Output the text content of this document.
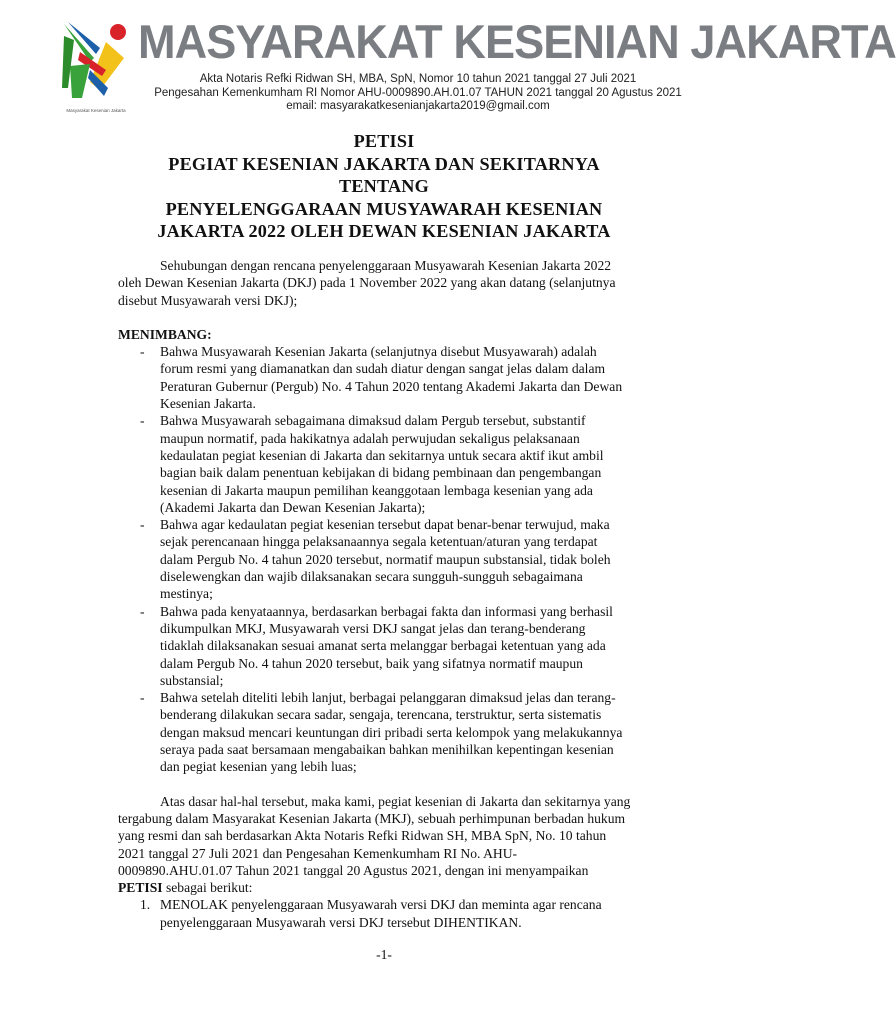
Masyarakat Kesenian Jakarta
MASYARAKAT KESENIAN JAKARTA
Akta Notaris Refki Ridwan SH, MBA, SpN, Nomor 10 tahun 2021 tanggal 27 Juli 2021
Pengesahan Kemenkumham RI Nomor AHU-0009890.AH.01.07 TAHUN 2021 tanggal 20 Agustus 2021
email: masyarakatkesenianjakarta2019@gmail.com
PETISI
PEGIAT KESENIAN JAKARTA DAN SEKITARNYA
TENTANG
PENYELENGGARAAN MUSYAWARAH KESENIAN
JAKARTA 2022 OLEH DEWAN KESENIAN JAKARTA
Sehubungan dengan rencana penyelenggaraan Musyawarah Kesenian Jakarta 2022
oleh Dewan Kesenian Jakarta (DKJ) pada 1 November 2022 yang akan datang (selanjutnya
disebut Musyawarah versi DKJ);
MENIMBANG:
- Bahwa Musyawarah Kesenian Jakarta (selanjutnya disebut Musyawarah) adalah
forum resmi yang diamanatkan dan sudah diatur dengan sangat jelas dalam dalam
Peraturan Gubernur (Pergub) No. 4 Tahun 2020 tentang Akademi Jakarta dan Dewan
Kesenian Jakarta.
- Bahwa Musyawarah sebagaimana dimaksud dalam Pergub tersebut, substantif
maupun normatif, pada hakikatnya adalah perwujudan sekaligus pelaksanaan
kedaulatan pegiat kesenian di Jakarta dan sekitarnya untuk secara aktif ikut ambil
bagian baik dalam penentuan kebijakan di bidang pembinaan dan pengembangan
kesenian di Jakarta maupun pemilihan keanggotaan lembaga kesenian yang ada
(Akademi Jakarta dan Dewan Kesenian Jakarta);
- Bahwa agar kedaulatan pegiat kesenian tersebut dapat benar-benar terwujud, maka
sejak perencanaan hingga pelaksanaannya segala ketentuan/aturan yang terdapat
dalam Pergub No. 4 tahun 2020 tersebut, normatif maupun substansial, tidak boleh
diselewengkan dan wajib dilaksanakan secara sungguh-sungguh sebagaimana
mestinya;
- Bahwa pada kenyataannya, berdasarkan berbagai fakta dan informasi yang berhasil
dikumpulkan MKJ, Musyawarah versi DKJ sangat jelas dan terang-benderang
tidaklah dilaksanakan sesuai amanat serta melanggar berbagai ketentuan yang ada
dalam Pergub No. 4 tahun 2020 tersebut, baik yang sifatnya normatif maupun
substansial;
- Bahwa setelah diteliti lebih lanjut, berbagai pelanggaran dimaksud jelas dan terang-
benderang dilakukan secara sadar, sengaja, terencana, terstruktur, serta sistematis
dengan maksud mencari keuntungan diri pribadi serta kelompok yang melakukannya
seraya pada saat bersamaan mengabaikan bahkan menihilkan kepentingan kesenian
dan pegiat kesenian yang lebih luas;
Atas dasar hal-hal tersebut, maka kami, pegiat kesenian di Jakarta dan sekitarnya yang
tergabung dalam Masyarakat Kesenian Jakarta (MKJ), sebuah perhimpunan berbadan hukum
yang resmi dan sah berdasarkan Akta Notaris Refki Ridwan SH, MBA SpN, No. 10 tahun
2021 tanggal 27 Juli 2021 dan Pengesahan Kemenkumham RI No. AHU-
0009890.AHU.01.07 Tahun 2021 tanggal 20 Agustus 2021, dengan ini menyampaikan
PETISI sebagai berikut:
1. MENOLAK penyelenggaraan Musyawarah versi DKJ dan meminta agar rencana
penyelenggaraan Musyawarah versi DKJ tersebut DIHENTIKAN.
-1-
